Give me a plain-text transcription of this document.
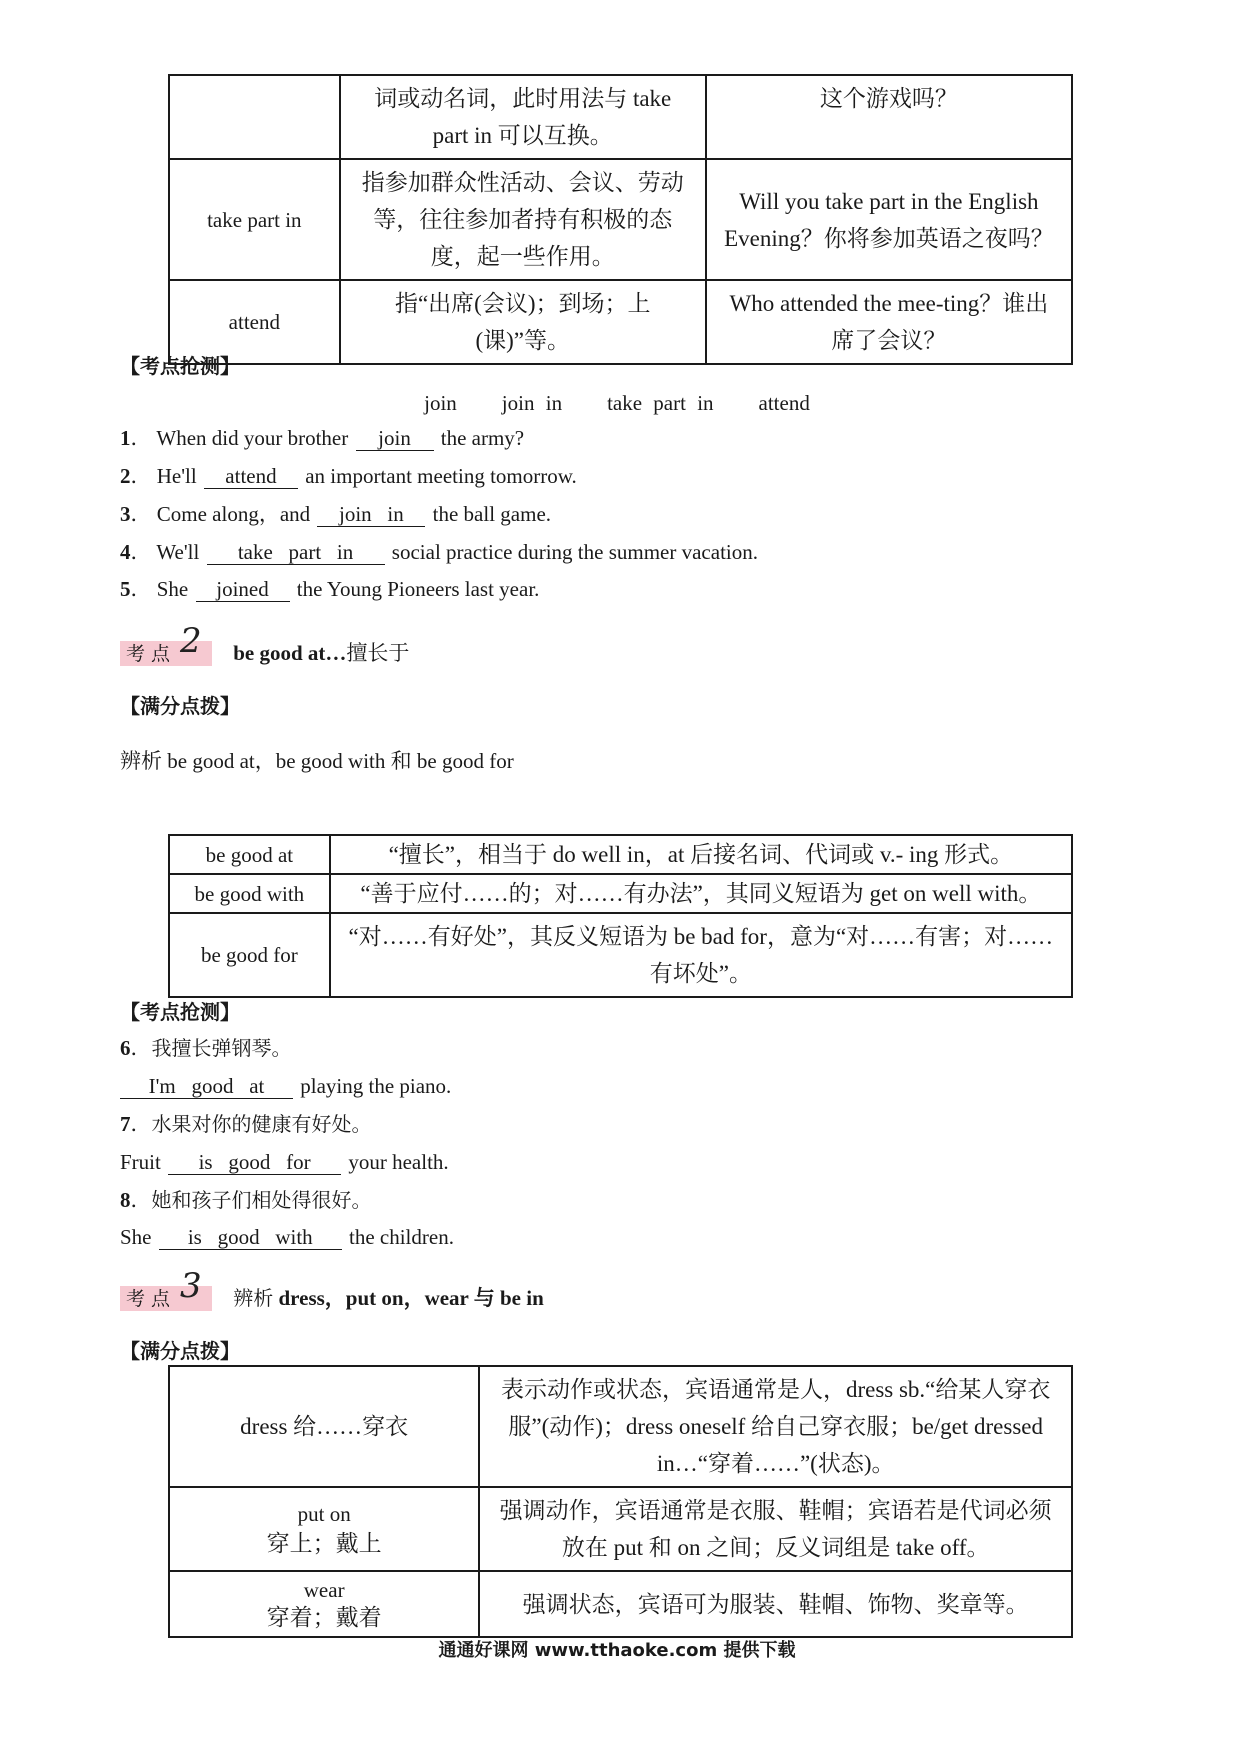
	词或动名词，此时用法与 take part in 可以互换。	这个游戏吗？
take part in	指参加群众性活动、会议、劳动等，往往参加者持有积极的态度，起一些作用。	Will you take part in the English Evening？你将参加英语之夜吗？
attend	指“出席(会议)；到场；上(课)”等。	Who attended the mee-ting？谁出席了会议？
【考点抢测】
join    join in    take part in    attend
1． When did your brother join the army?
2． He'll attend an important meeting tomorrow.
3． Come along，and join   in the ball game.
4． We'll take   part   in social practice during the summer vacation.
5． She joined the Young Pioneers last year.
考 点 2 be good at…擅长于
【满分点拨】
辨析 be good at，be good with 和 be good for
be good at	“擅长”，相当于 do well in，at 后接名词、代词或 v.- ing 形式。
be good with	“善于应付……的；对……有办法”，其同义短语为 get on well with。
be good for	“对……有好处”，其反义短语为 be bad for，意为“对……有害；对……有坏处”。
【考点抢测】
6．我擅长弹钢琴。
I'm   good   at playing the piano.
7．水果对你的健康有好处。
Fruit is   good   for your health.
8．她和孩子们相处得很好。
She is   good   with the children.
考 点 3 辨析 dress，put on，wear 与 be in
【满分点拨】
dress 给……穿衣	表示动作或状态，宾语通常是人，dress sb.“给某人穿衣服”(动作)；dress oneself 给自己穿衣服；be/get dressed in…“穿着……”(状态)。

put on
穿上；戴上	强调动作，宾语通常是衣服、鞋帽；宾语若是代词必须放在 put 和 on 之间；反义词组是 take off。

wear
穿着；戴着	强调状态，宾语可为服装、鞋帽、饰物、奖章等。
通通好课网 www.tthaoke.com 提供下载
